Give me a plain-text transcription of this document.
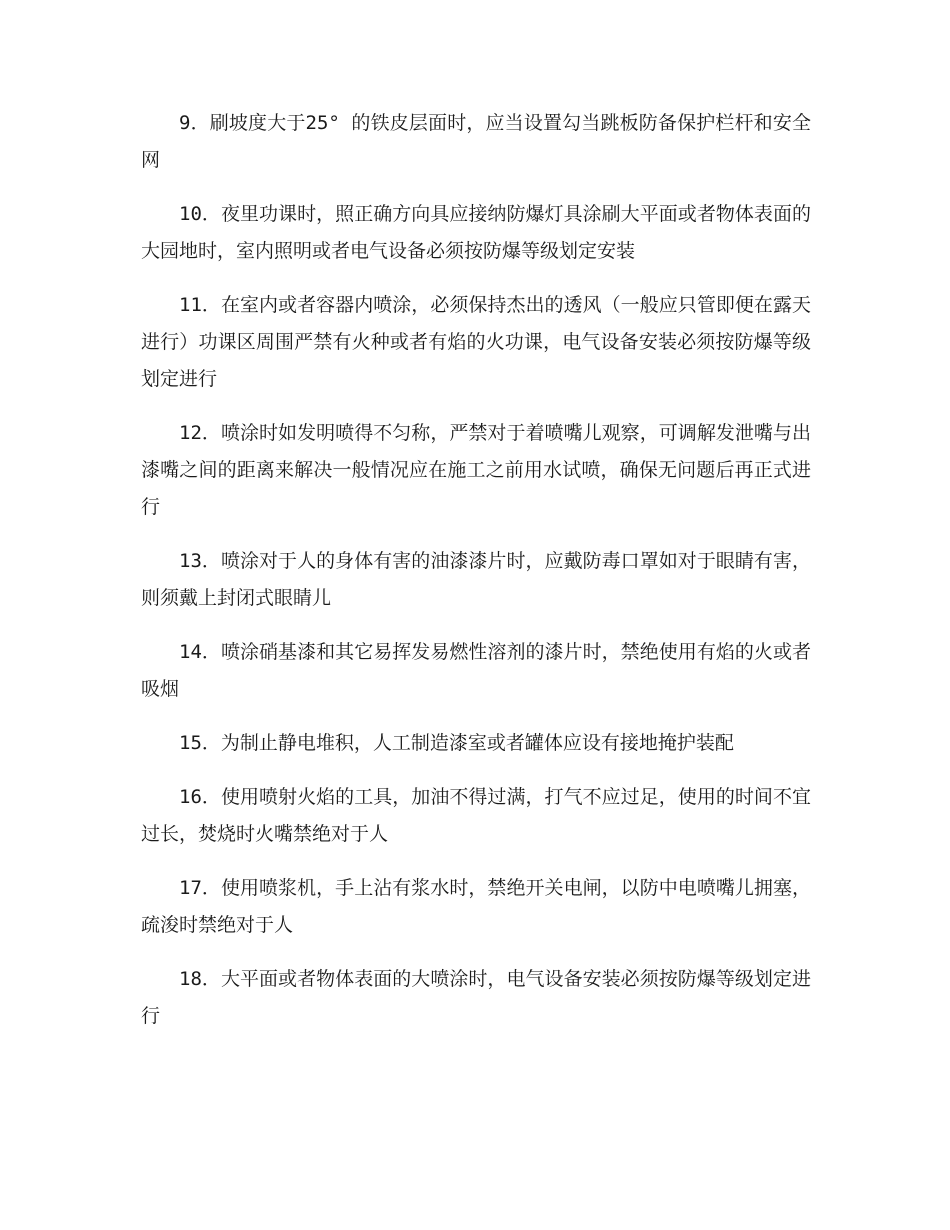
9．刷坡度大于25° 的铁皮层面时，应当设置勾当跳板防备保护栏杆和安全网

10．夜里功课时，照正确方向具应接纳防爆灯具涂刷大平面或者物体表面的大园地时，室内照明或者电气设备必须按防爆等级划定安装

11．在室内或者容器内喷涂，必须保持杰出的透风（一般应只管即便在露天进行）功课区周围严禁有火种或者有焰的火功课，电气设备安装必须按防爆等级划定进行

12．喷涂时如发明喷得不匀称，严禁对于着喷嘴儿观察，可调解发泄嘴与出漆嘴之间的距离来解决一般情况应在施工之前用水试喷，确保无问题后再正式进行

13．喷涂对于人的身体有害的油漆漆片时，应戴防毒口罩如对于眼睛有害，则须戴上封闭式眼睛儿

14．喷涂硝基漆和其它易挥发易燃性溶剂的漆片时，禁绝使用有焰的火或者吸烟

15．为制止静电堆积，人工制造漆室或者罐体应设有接地掩护装配

16．使用喷射火焰的工具，加油不得过满，打气不应过足，使用的时间不宜过长，焚烧时火嘴禁绝对于人

17．使用喷浆机，手上沾有浆水时，禁绝开关电闸，以防中电喷嘴儿拥塞，疏浚时禁绝对于人

18．大平面或者物体表面的大喷涂时，电气设备安装必须按防爆等级划定进行
